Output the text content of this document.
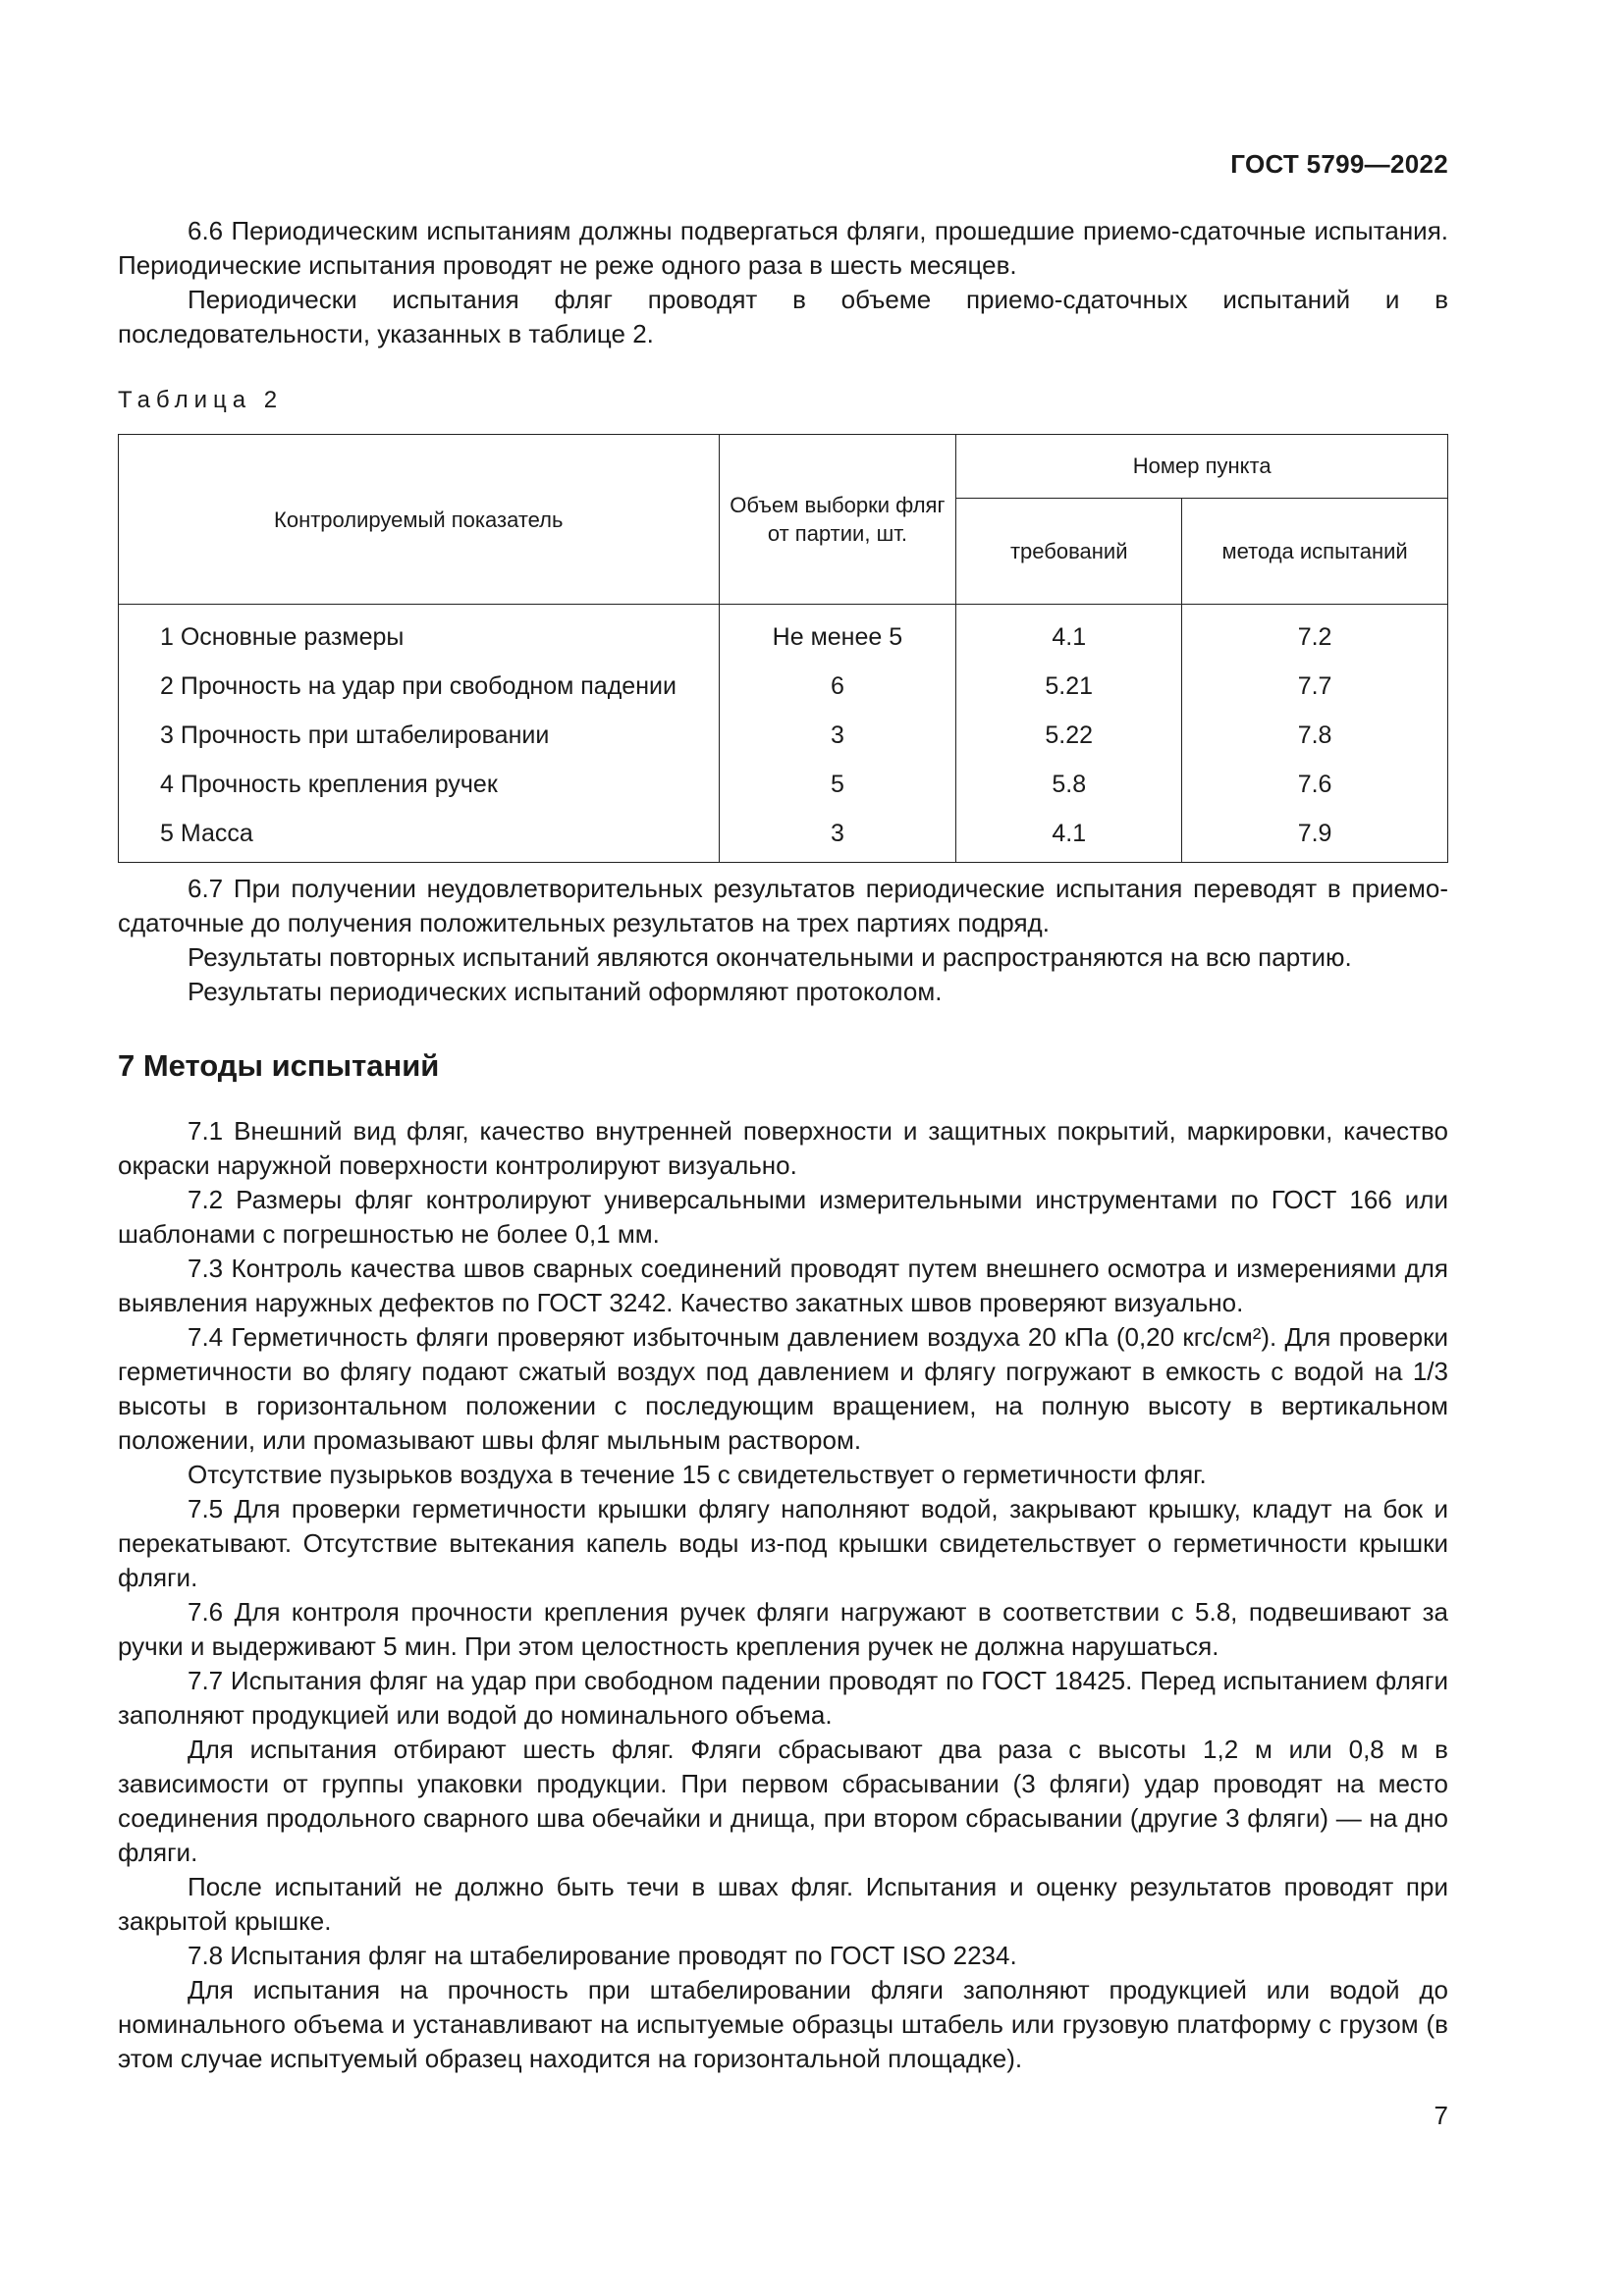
ГОСТ 5799—2022

6.6 Периодическим испытаниям должны подвергаться фляги, прошедшие приемо-сдаточные испытания. Периодические испытания проводят не реже одного раза в шесть месяцев.

Периодически испытания фляг проводят в объеме приемо-сдаточных испытаний и в последовательности, указанных в таблице 2.

Таблица 2

Контролируемый показатель	Объем выборки фляг от партии, шт.	Номер пункта	
		требований	метода испытаний
1 Основные размеры	Не менее 5	4.1	7.2
2 Прочность на удар при свободном падении	6	5.21	7.7
3 Прочность при штабелировании	3	5.22	7.8
4 Прочность крепления ручек	5	5.8	7.6
5 Масса	3	4.1	7.9

6.7 При получении неудовлетворительных результатов периодические испытания переводят в приемо-сдаточные до получения положительных результатов на трех партиях подряд.

Результаты повторных испытаний являются окончательными и распространяются на всю партию.

Результаты периодических испытаний оформляют протоколом.

7 Методы испытаний

7.1 Внешний вид фляг, качество внутренней поверхности и защитных покрытий, маркировки, качество окраски наружной поверхности контролируют визуально.

7.2 Размеры фляг контролируют универсальными измерительными инструментами по ГОСТ 166 или шаблонами с погрешностью не более 0,1 мм.

7.3 Контроль качества швов сварных соединений проводят путем внешнего осмотра и измерениями для выявления наружных дефектов по ГОСТ 3242. Качество закатных швов проверяют визуально.

7.4 Герметичность фляги проверяют избыточным давлением воздуха 20 кПа (0,20 кгс/см²). Для проверки герметичности во флягу подают сжатый воздух под давлением и флягу погружают в емкость с водой на 1/3 высоты в горизонтальном положении с последующим вращением, на полную высоту в вертикальном положении, или промазывают швы фляг мыльным раствором.

Отсутствие пузырьков воздуха в течение 15 с свидетельствует о герметичности фляг.

7.5 Для проверки герметичности крышки флягу наполняют водой, закрывают крышку, кладут на бок и перекатывают. Отсутствие вытекания капель воды из-под крышки свидетельствует о герметичности крышки фляги.

7.6 Для контроля прочности крепления ручек фляги нагружают в соответствии с 5.8, подвешивают за ручки и выдерживают 5 мин. При этом целостность крепления ручек не должна нарушаться.

7.7 Испытания фляг на удар при свободном падении проводят по ГОСТ 18425. Перед испытанием фляги заполняют продукцией или водой до номинального объема.

Для испытания отбирают шесть фляг. Фляги сбрасывают два раза с высоты 1,2 м или 0,8 м в зависимости от группы упаковки продукции. При первом сбрасывании (3 фляги) удар проводят на место соединения продольного сварного шва обечайки и днища, при втором сбрасывании (другие 3 фляги) — на дно фляги.

После испытаний не должно быть течи в швах фляг. Испытания и оценку результатов проводят при закрытой крышке.

7.8 Испытания фляг на штабелирование проводят по ГОСТ ISO 2234.

Для испытания на прочность при штабелировании фляги заполняют продукцией или водой до номинального объема и устанавливают на испытуемые образцы штабель или грузовую платформу с грузом (в этом случае испытуемый образец находится на горизонтальной площадке).

7
